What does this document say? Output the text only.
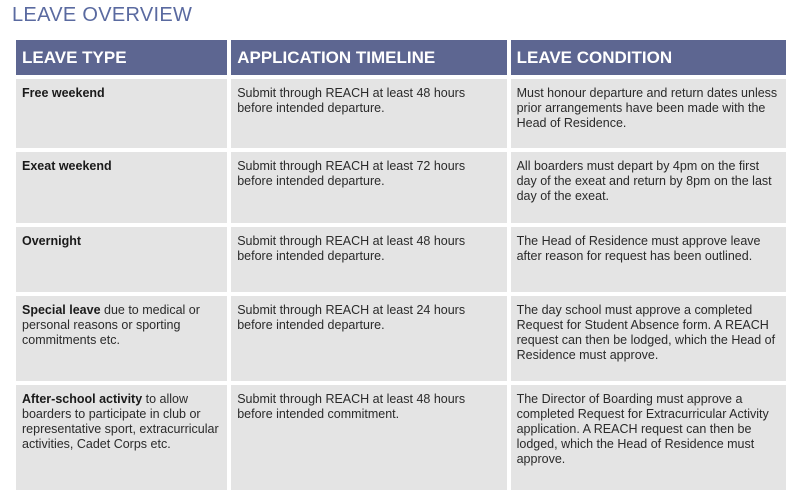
LEAVE OVERVIEW
LEAVE TYPE	APPLICATION TIMELINE	LEAVE CONDITION
Free weekend	Submit through REACH at least 48 hours before intended departure.	Must honour departure and return dates unless prior arrangements have been made with the Head of Residence.
Exeat weekend	Submit through REACH at least 72 hours before intended departure.	All boarders must depart by 4pm on the first day of the exeat and return by 8pm on the last day of the exeat.
Overnight	Submit through REACH at least 48 hours before intended departure.	The Head of Residence must approve leave after reason for request has been outlined.
Special leave due to medical or personal reasons or sporting commitments etc.	Submit through REACH at least 24 hours before intended departure.	The day school must approve a completed Request for Student Absence form. A REACH request can then be lodged, which the Head of Residence must approve.
After-school activity to allow boarders to participate in club or representative sport, extracurricular activities, Cadet Corps etc.	Submit through REACH at least 48 hours before intended commitment.	The Director of Boarding must approve a completed Request for Extracurricular Activity application. A REACH request can then be lodged, which the Head of Residence must approve.
